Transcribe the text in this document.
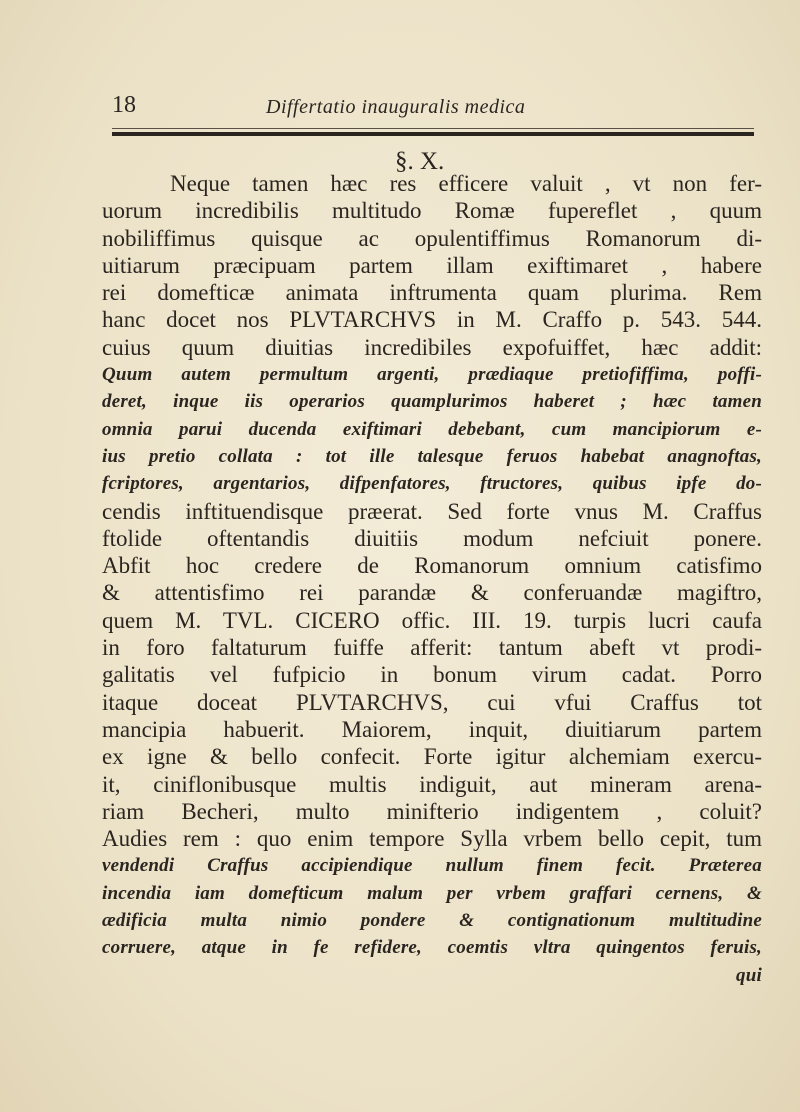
18	Differtatio inauguralis medica
§. X.
Neque tamen hæc res efficere valuit , vt non fer-
uorum incredibilis multitudo Romæ fupereflet , quum
nobiliffimus quisque ac opulentiffimus Romanorum di-
uitiarum præcipuam partem illam exiftimaret , habere
rei domefticæ animata inftrumenta quam plurima. Rem
hanc docet nos PLVTARCHVS in M. Craffo p. 543. 544.
cuius quum diuitias incredibiles expofuiffet, hæc addit:
Quum autem permultum argenti, prædiaque pretiofiffima, poffi-
deret, inque iis operarios quamplurimos haberet ; hæc tamen
omnia parui ducenda exiftimari debebant, cum mancipiorum e-
ius pretio collata : tot ille talesque feruos habebat anagnoftas,
fcriptores, argentarios, difpenfatores, ftructores, quibus ipfe do-
cendis inftituendisque præerat. Sed forte vnus M. Craffus
ftolide oftentandis diuitiis modum nefciuit ponere.
Abfit hoc credere de Romanorum omnium catisfimo
& attentisfimo rei parandæ & conferuandæ magiftro,
quem M. TVL. CICERO offic. III. 19. turpis lucri caufa
in foro faltaturum fuiffe afferit: tantum abeft vt prodi-
galitatis vel fufpicio in bonum virum cadat. Porro
itaque doceat PLVTARCHVS, cui vfui Craffus tot
mancipia habuerit. Maiorem, inquit, diuitiarum partem
ex igne & bello confecit. Forte igitur alchemiam exercu-
it, ciniflonibusque multis indiguit, aut mineram arena-
riam Becheri, multo minifterio indigentem , coluit?
Audies rem : quo enim tempore Sylla vrbem bello cepit, tum
vendendi Craffus accipiendique nullum finem fecit. Præterea
incendia iam domefticum malum per vrbem graffari cernens, &
ædificia multa nimio pondere & contignationum multitudine
corruere, atque in fe refidere, coemtis vltra quingentos feruis,
qui
